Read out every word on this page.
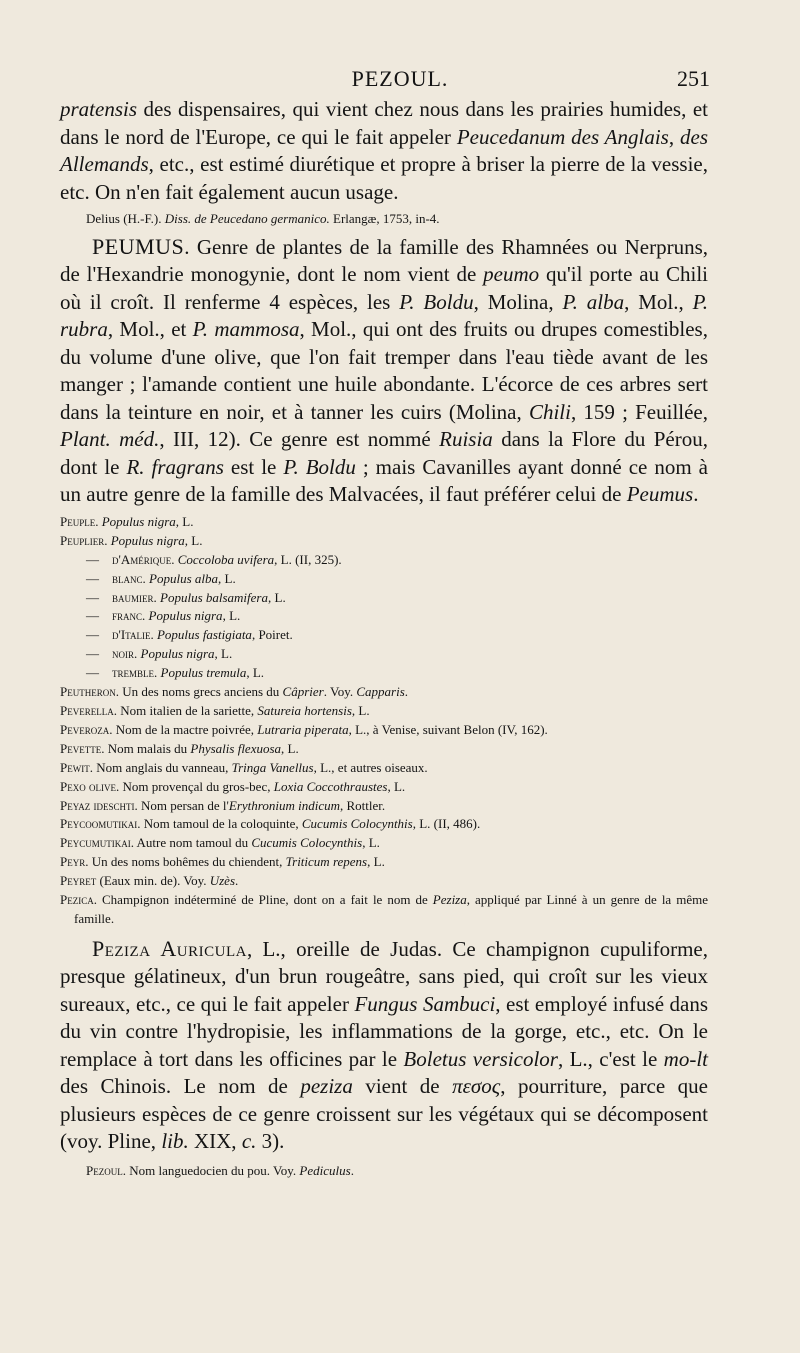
PEZOUL.	251

pratensis des dispensaires, qui vient chez nous dans les prairies humides, et dans le nord de l'Europe, ce qui le fait appeler Peucedanum des Anglais, des Allemands, etc., est estimé diurétique et propre à briser la pierre de la vessie, etc. On n'en fait également aucun usage.

Delius (H.-F.). Diss. de Peucedano germanico. Erlangæ, 1753, in-4.

PEUMUS. Genre de plantes de la famille des Rhamnées ou Nerpruns, de l'Hexandrie monogynie, dont le nom vient de peumo qu'il porte au Chili où il croît. Il renferme 4 espèces, les P. Boldu, Molina, P. alba, Mol., P. rubra, Mol., et P. mammosa, Mol., qui ont des fruits ou drupes comestibles, du volume d'une olive, que l'on fait tremper dans l'eau tiède avant de les manger ; l'amande contient une huile abondante. L'écorce de ces arbres sert dans la teinture en noir, et à tanner les cuirs (Molina, Chili, 159 ; Feuillée, Plant. méd., III, 12). Ce genre est nommé Ruisia dans la Flore du Pérou, dont le R. fragrans est le P. Boldu ; mais Cavanilles ayant donné ce nom à un autre genre de la famille des Malvacées, il faut préférer celui de Peumus.

Peuple. Populus nigra, L.

Peuplier. Populus nigra, L.

— d'Amérique. Coccoloba uvifera, L. (II, 325).

— blanc. Populus alba, L.

— baumier. Populus balsamifera, L.

— franc. Populus nigra, L.

— d'Italie. Populus fastigiata, Poiret.

— noir. Populus nigra, L.

— tremble. Populus tremula, L.

Peutheron. Un des noms grecs anciens du Câprier. Voy. Capparis.

Peverella. Nom italien de la sariette, Satureia hortensis, L.

Peveroza. Nom de la mactre poivrée, Lutraria piperata, L., à Venise, suivant Belon (IV, 162).

Pevette. Nom malais du Physalis flexuosa, L.

Pewit. Nom anglais du vanneau, Tringa Vanellus, L., et autres oiseaux.

Pexo olive. Nom provençal du gros-bec, Loxia Coccothraustes, L.

Peyaz ideschti. Nom persan de l'Erythronium indicum, Rottler.

Peycoomutikai. Nom tamoul de la coloquinte, Cucumis Colocynthis, L. (II, 486).

Peycumutikai. Autre nom tamoul du Cucumis Colocynthis, L.

Peyr. Un des noms bohêmes du chiendent, Triticum repens, L.

Peyret (Eaux min. de). Voy. Uzès.

Pezica. Champignon indéterminé de Pline, dont on a fait le nom de Peziza, appliqué par Linné à un genre de la même famille.

Peziza Auricula, L., oreille de Judas. Ce champignon cupuliforme, presque gélatineux, d'un brun rougeâtre, sans pied, qui croît sur les vieux sureaux, etc., ce qui le fait appeler Fungus Sambuci, est employé infusé dans du vin contre l'hydropisie, les inflammations de la gorge, etc., etc. On le remplace à tort dans les officines par le Boletus versicolor, L., c'est le mo-lt des Chinois. Le nom de peziza vient de πεσος, pourriture, parce que plusieurs espèces de ce genre croissent sur les végétaux qui se décomposent (voy. Pline, lib. XIX, c. 3).

Pezoul. Nom languedocien du pou. Voy. Pediculus.
